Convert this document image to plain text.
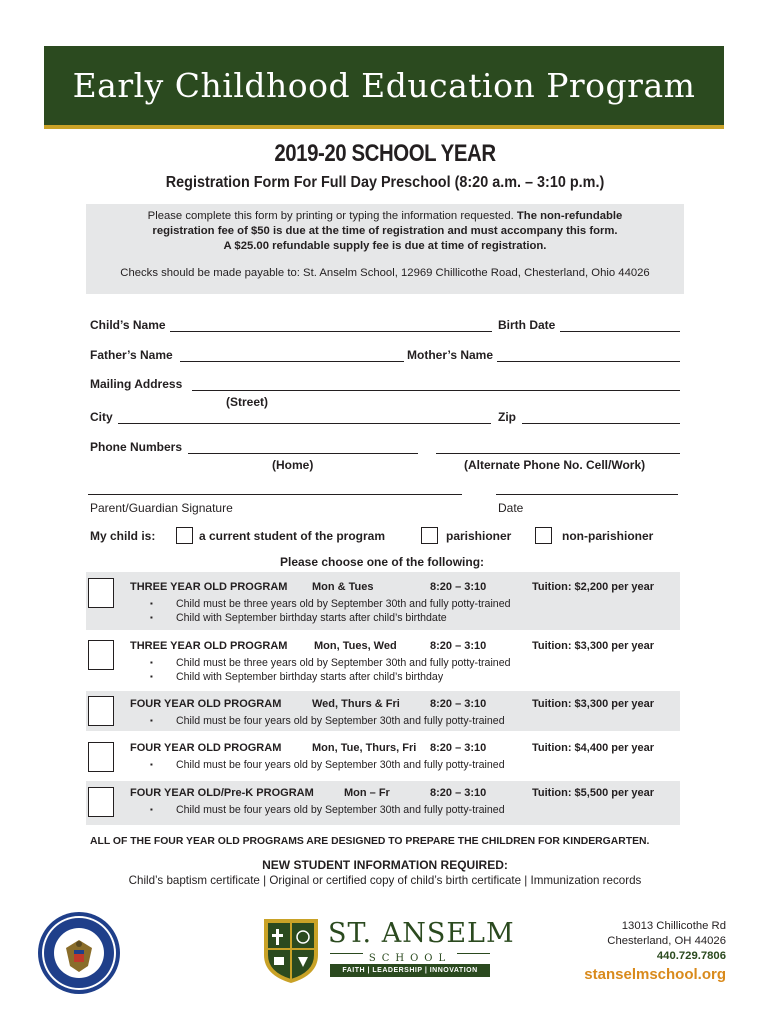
Early Childhood Education Program
2019-20 SCHOOL YEAR
Registration Form For Full Day Preschool (8:20 a.m. – 3:10 p.m.)
Please complete this form by printing or typing the information requested. The non-refundable
registration fee of $50 is due at the time of registration and must accompany this form.
A $25.00 refundable supply fee is due at time of registration.
Checks should be made payable to: St. Anselm School, 12969 Chillicothe Road, Chesterland, Ohio 44026
Child’s Name	Birth Date
Father’s Name	Mother’s Name
Mailing Address
(Street)
City	Zip
Phone Numbers
(Home)	(Alternate Phone No. Cell/Work)
Parent/Guardian Signature	Date
My child is:	a current student of the program	parishioner	non-parishioner
Please choose one of the following:
THREE YEAR OLD PROGRAM Mon & Tues	8:20 – 3:10	Tuition: $2,200 per year
▪ Child must be three years old by September 30th and fully potty-trained
▪ Child with September birthday starts after child’s birthdate
THREE YEAR OLD PROGRAM Mon, Tues, Wed	8:20 – 3:10	Tuition: $3,300 per year
▪ Child must be three years old by September 30th and fully potty-trained
▪ Child with September birthday starts after child’s birthday
FOUR YEAR OLD PROGRAM	Wed, Thurs & Fri	8:20 – 3:10	Tuition: $3,300 per year
▪ Child must be four years old by September 30th and fully potty-trained
FOUR YEAR OLD PROGRAM	Mon, Tue, Thurs, Fri 8:20 – 3:10	Tuition: $4,400 per year
▪ Child must be four years old by September 30th and fully potty-trained
FOUR YEAR OLD/Pre-K PROGRAM	Mon – Fr	8:20 – 3:10	Tuition: $5,500 per year
▪ Child must be four years old by September 30th and fully potty-trained
ALL OF THE FOUR YEAR OLD PROGRAMS ARE DESIGNED TO PREPARE THE CHILDREN FOR KINDERGARTEN.
NEW STUDENT INFORMATION REQUIRED:
Child’s baptism certificate | Original or certified copy of child’s birth certificate | Immunization records
ST. ANSELM
SCHOOL
FAITH | LEADERSHIP | INNOVATION
13013 Chillicothe Rd
Chesterland, OH 44026
440.729.7806
stanselmschool.org
